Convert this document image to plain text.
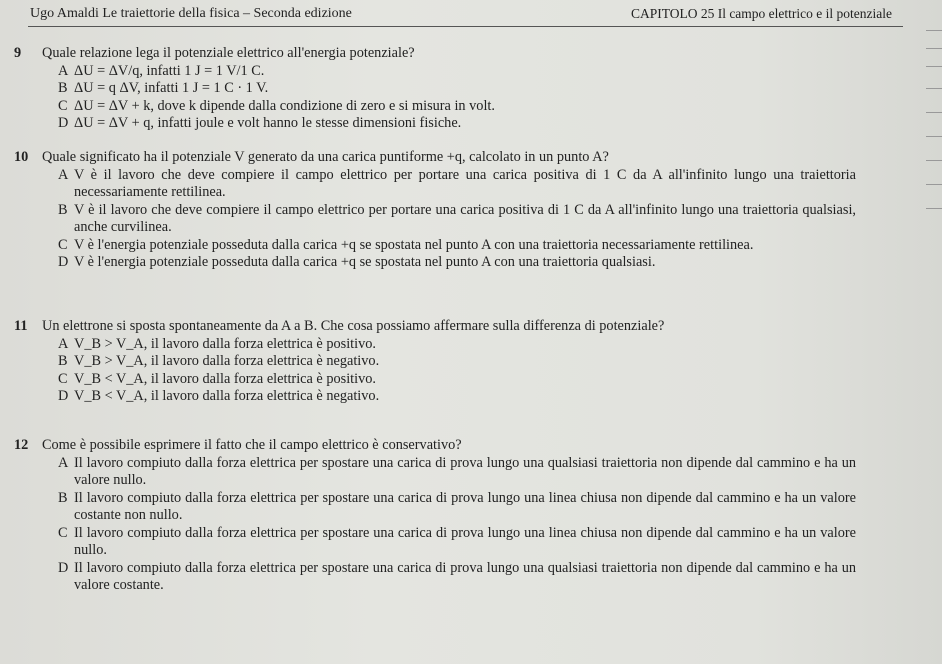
Ugo Amaldi Le traiettorie della fisica – Seconda edizione	CAPITOLO 25 Il campo elettrico e il potenziale
9 Quale relazione lega il potenziale elettrico all'energia potenziale?
A ΔU = ΔV/q, infatti 1 J = 1 V/1 C.
B ΔU = q ΔV, infatti 1 J = 1 C · 1 V.
C ΔU = ΔV + k, dove k dipende dalla condizione di zero e si misura in volt.
D ΔU = ΔV + q, infatti joule e volt hanno le stesse dimensioni fisiche.
10 Quale significato ha il potenziale V generato da una carica puntiforme +q, calcolato in un punto A?
A V è il lavoro che deve compiere il campo elettrico per portare una carica positiva di 1 C da A all'infinito lungo una traiettoria necessariamente rettilinea.
B V è il lavoro che deve compiere il campo elettrico per portare una carica positiva di 1 C da A all'infinito lungo una traiettoria qualsiasi, anche curvilinea.
C V è l'energia potenziale posseduta dalla carica +q se spostata nel punto A con una traiettoria necessariamente rettilinea.
D V è l'energia potenziale posseduta dalla carica +q se spostata nel punto A con una traiettoria qualsiasi.
11 Un elettrone si sposta spontaneamente da A a B. Che cosa possiamo affermare sulla differenza di potenziale?
A V_B > V_A, il lavoro dalla forza elettrica è positivo.
B V_B > V_A, il lavoro dalla forza elettrica è negativo.
C V_B < V_A, il lavoro dalla forza elettrica è positivo.
D V_B < V_A, il lavoro dalla forza elettrica è negativo.
12 Come è possibile esprimere il fatto che il campo elettrico è conservativo?
A Il lavoro compiuto dalla forza elettrica per spostare una carica di prova lungo una qualsiasi traiettoria non dipende dal cammino e ha un valore nullo.
B Il lavoro compiuto dalla forza elettrica per spostare una carica di prova lungo una linea chiusa non dipende dal cammino e ha un valore costante non nullo.
C Il lavoro compiuto dalla forza elettrica per spostare una carica di prova lungo una linea chiusa non dipende dal cammino e ha un valore nullo.
D Il lavoro compiuto dalla forza elettrica per spostare una carica di prova lungo una qualsiasi traiettoria non dipende dal cammino e ha un valore costante.
